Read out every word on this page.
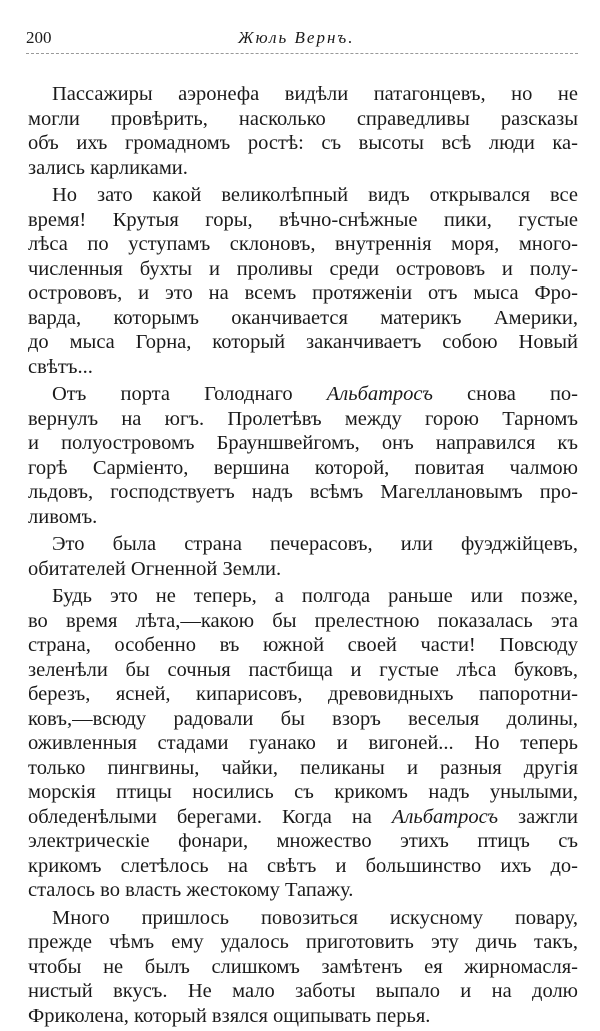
200	Жюль Вернъ.
Пассажиры аэронефа видѣли патагонцевъ, но не
могли провѣрить, насколько справедливы разсказы
объ ихъ громадномъ ростѣ: съ высоты всѣ люди ка-
зались карликами.
Но зато какой великолѣпный видъ открывался все
время! Крутыя горы, вѣчно-снѣжные пики, густые
лѣса по уступамъ склоновъ, внутреннія моря, много-
численныя бухты и проливы среди острововъ и полу-
острововъ, и это на всемъ протяженіи отъ мыса Фро-
варда, которымъ оканчивается материкъ Америки,
до мыса Горна, который заканчиваетъ собою Новый
свѣтъ...
Отъ порта Голоднаго Альбатросъ снова по-
вернулъ на югъ. Пролетѣвъ между горою Тарномъ
и полуостровомъ Брауншвейгомъ, онъ направился къ
горѣ Сарміенто, вершина которой, повитая чалмою
льдовъ, господствуетъ надъ всѣмъ Магеллановымъ про-
ливомъ.
Это была страна печерасовъ, или фуэджійцевъ,
обитателей Огненной Земли.
Будь это не теперь, а полгода раньше или позже,
во время лѣта,—какою бы прелестною показалась эта
страна, особенно въ южной своей части! Повсюду
зеленѣли бы сочныя пастбища и густые лѣса буковъ,
березъ, ясней, кипарисовъ, древовидныхъ папоротни-
ковъ,—всюду радовали бы взоръ веселыя долины,
оживленныя стадами гуанако и вигоней... Но теперь
только пингвины, чайки, пеликаны и разныя другія
морскія птицы носились съ крикомъ надъ унылыми,
обледенѣлыми берегами. Когда на Альбатросъ зажгли
электрическіе фонари, множество этихъ птицъ съ
крикомъ слетѣлось на свѣтъ и большинство ихъ до-
сталось во власть жестокому Тапажу.
Много пришлось повозиться искусному повару,
прежде чѣмъ ему удалось приготовить эту дичь такъ,
чтобы не былъ слишкомъ замѣтенъ ея жирномасля-
нистый вкусъ. Не мало заботы выпало и на долю
Фриколена, который взялся ощипывать перья.
